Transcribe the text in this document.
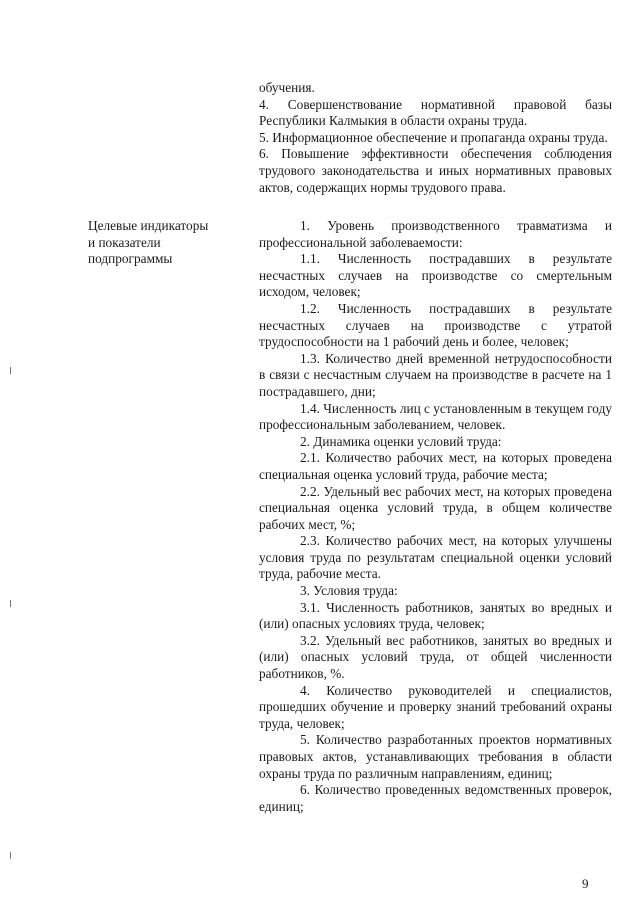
обучения.

4. Совершенствование нормативной правовой базы Республики Калмыкия в области охраны труда.

5. Информационное обеспечение и пропаганда охраны труда.

6. Повышение эффективности обеспечения соблюдения трудового законодательства и иных нормативных правовых актов, содержащих нормы трудового права.

Целевые индикаторы

и показатели

подпрограммы

1. Уровень производственного травматизма и профессиональной заболеваемости:

1.1. Численность пострадавших в результате несчастных случаев на производстве со смертельным исходом, человек;

1.2. Численность пострадавших в результате несчастных случаев на производстве с утратой трудоспособности на 1 рабочий день и более, человек;

1.3. Количество дней временной нетрудоспособности в связи с несчастным случаем на производстве в расчете на 1 пострадавшего, дни;

1.4. Численность лиц с установленным в текущем году профессиональным заболеванием, человек.

2. Динамика оценки условий труда:

2.1. Количество рабочих мест, на которых проведена специальная оценка условий труда, рабочие места;

2.2. Удельный вес рабочих мест, на которых проведена специальная оценка условий труда, в общем количестве рабочих мест, %;

2.3. Количество рабочих мест, на которых улучшены условия труда по результатам специальной оценки условий труда, рабочие места.

3. Условия труда:

3.1. Численность работников, занятых во вредных и (или) опасных условиях труда, человек;

3.2. Удельный вес работников, занятых во вредных и (или) опасных условий труда, от общей численности работников, %.

4. Количество руководителей и специалистов, прошедших обучение и проверку знаний требований охраны труда, человек;

5. Количество разработанных проектов нормативных правовых актов, устанавливающих требования в области охраны труда по различным направлениям, единиц;

6. Количество проведенных ведомственных проверок, единиц;

9
